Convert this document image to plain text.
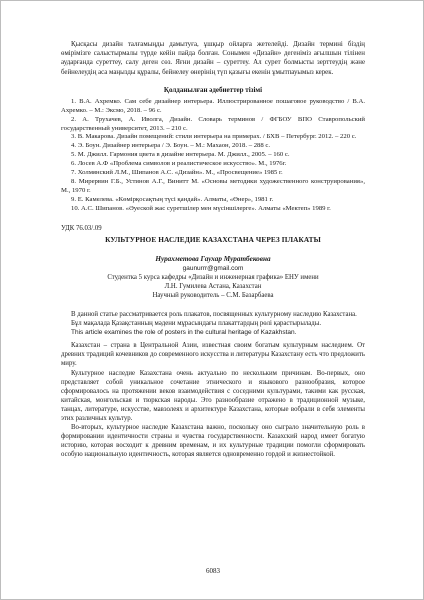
Қысқасы дизайн талғамыңды дамытуға, ұшқыр ойларға жетелейді. Дизайн термині біздің өмірімізге салыстырмалы түрде кейін пайда болған. Сонымен «Дизайн» дегеніміз ағылшын тілінен аударғанда суреттеу, салу деген сөз. Яғни дизайн – суреттеу. Ал сурет болмысты зерттеудің және бейнелеудің аса маңызды құралы, бейнелеу өнерінің түп қазығы екенін ұмытпауымыз керек.

Қолданылған әдебиеттер тізімі

1. В.А. Ахремко. Сам себе дизайнер интерьера. Иллюстрированное пошаговое руководство / В.А. Ахремко. – М.: Эксмо, 2018. – 96 с.

2. А. Трухачев, А. Иволга, Дизайн. Словарь терминов / ФГБОУ ВПО Ставропольский государственный университет, 2013. – 210 с.

3. В. Макарова. Дизайн помещений: стили интерьера на примерах. / БХВ – Петербург. 2012. – 220 с.

4. Э. Боун. Дизайнер интерьера / Э. Боун. – М.: Махаон, 2018. – 288 с.

5. М. Джилл. Гармония цвета в дизайне интерьера. М. Джилл., 2005. – 160 с.

6. Лосев А.Ф «Проблема символов и реалистическое искусство». М., 1976г.

7. Холмянский Л.М., Шипанов А.С. «Дизайн». М., «Просвещение» 1985 г.

8. Миреpвин Г.Б., Устинов А.Г., Винитт М. «Основы методики художественного конструирования», М., 1970 г.

9. Е. Камелева. «Көмірқосақтың түсі қандай». Алматы, «Өнер», 1981 г.

10. А.С. Шипанов. «Әуеской жас суретшілер мен мүсіншілерге». Алматы «Мектеп» 1989 г.

УДК 76.03/.09

КУЛЬТУРНОЕ НАСЛЕДИЕ КАЗАХСТАНА ЧЕРЕЗ ПЛАКАТЫ

Нурахметова Гаухар Муратбековна

gaunurrr@gmail.com

Студентка 5 курса кафедры «Дизайн и инженерная графика» ЕНУ имени

Л.Н. Гумилева Астана, Казахстан

Научный руководитель – С.М. Базарбаева

В данной статье рассматривается роль плакатов, посвященных культурному наследию Казахстана.

Бұл мақалада Қазақстанның мәдени мұрасындағы плакаттардың рөлі қарастырылады.

This article examines the role of posters in the cultural heritage of Kazakhstan.

Казахстан – страна в Центральной Азии, известная своим богатым культурным наследием. От древних традиций кочевников до современного искусства и литературы Казахстану есть что предложить миру.

Культурное наследие Казахстана очень актуально по нескольким причинам. Во-первых, оно представляет собой уникальное сочетание этнического и языкового разнообразия, которое сформировалось на протяжении веков взаимодействия с соседними культурами, такими как русская, китайская, монгольская и тюркская народы. Это разнообразие отражено в традиционной музыке, танцах, литературе, искусстве, мавзолеях и архитектуре Казахстана, которые вобрали в себя элементы этих различных культур.

Во-вторых, культурное наследие Казахстана важно, поскольку оно сыграло значительную роль в формировании идентичности страны и чувства государственности. Казахский народ имеет богатую историю, которая восходит к древним временам, и их культурные традиции помогли сформировать особую национальную идентичность, которая является одновременно гордой и жизнестойкой.

6083
